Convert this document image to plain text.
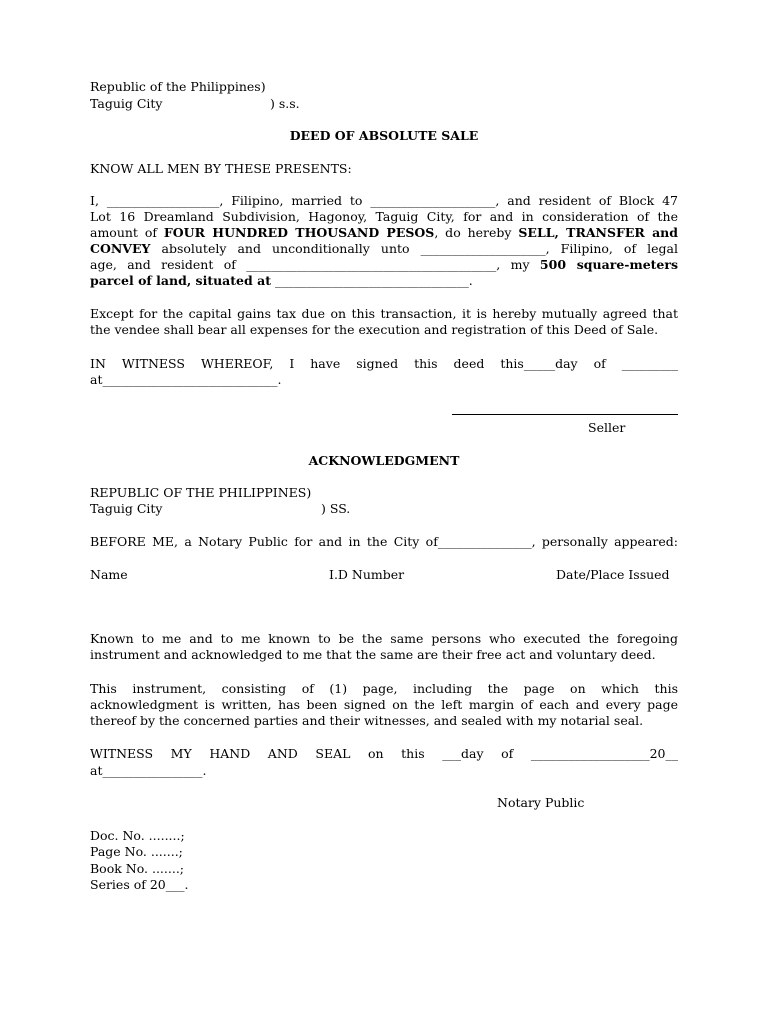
Republic of the Philippines)
Taguig City	) s.s.
DEED OF ABSOLUTE SALE
KNOW ALL MEN BY THESE PRESENTS:
I, __________________, Filipino, married to ____________________, and resident of Block 47
Lot 16 Dreamland Subdivision, Hagonoy, Taguig City, for and in consideration of the
amount of FOUR HUNDRED THOUSAND PESOS, do hereby SELL, TRANSFER and
CONVEY absolutely and unconditionally unto ____________________, Filipino, of legal
age, and resident of ________________________________________, my 500 square-meters
parcel of land, situated at _______________________________.
Except for the capital gains tax due on this transaction, it is hereby mutually agreed that
the vendee shall bear all expenses for the execution and registration of this Deed of Sale.
IN WITNESS WHEREOF, I have signed this deed this_____day of _________
at____________________________.
Seller
ACKNOWLEDGMENT
REPUBLIC OF THE PHILIPPINES)
Taguig City	) SS.
BEFORE ME, a Notary Public for and in the City of_______________, personally appeared:
Name	I.D Number	Date/Place Issued
Known to me and to me known to be the same persons who executed the foregoing
instrument and acknowledged to me that the same are their free act and voluntary deed.
This instrument, consisting of (1) page, including the page on which this
acknowledgment is written, has been signed on the left margin of each and every page
thereof by the concerned parties and their witnesses, and sealed with my notarial seal.
WITNESS MY HAND AND SEAL on this ___day of ___________________20__
at________________.
Notary Public
Doc. No. ........;
Page No. .......;
Book No. .......;
Series of 20___.
